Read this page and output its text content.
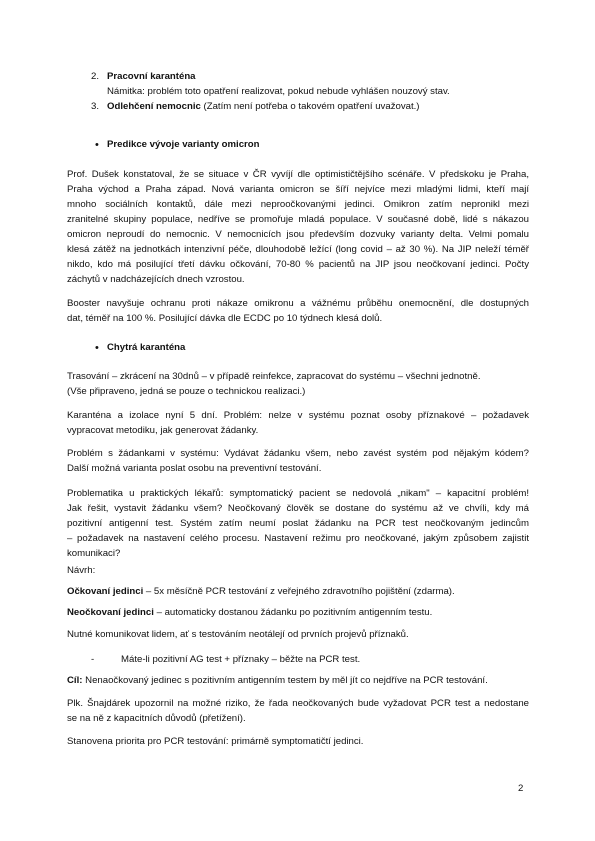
2. Pracovní karanténa
Námitka: problém toto opatření realizovat, pokud nebude vyhlášen nouzový stav.
3. Odlehčení nemocnic (Zatím není potřeba o takovém opatření uvažovat.)
• Predikce vývoje varianty omicron
Prof. Dušek konstatoval, že se situace v ČR vyvíjí dle optimističtějšího scénáře. V předskoku je Praha,
Praha východ a Praha západ. Nová varianta omicron se šíří nejvíce mezi mladými lidmi, kteří mají
mnoho sociálních kontaktů, dále mezi neproočkovanými jedinci. Omikron zatím nepronikl mezi
zranitelné skupiny populace, nedříve se promořuje mladá populace. V současné době, lidé s nákazou
omicron neproudí do nemocnic. V nemocnicích jsou především dozvuky varianty delta. Velmi pomalu
klesá zátěž na jednotkách intenzivní péče, dlouhodobě ležící (long covid – až 30 %). Na JIP neleží téměř
nikdo, kdo má posilující třetí dávku očkování, 70-80 % pacientů na JIP jsou neočkovaní jedinci. Počty
záchytů v nadcházejících dnech vzrostou.
Booster navyšuje ochranu proti nákaze omikronu a vážnému průběhu onemocnění, dle dostupných
dat, téměř na 100 %. Posilující dávka dle ECDC po 10 týdnech klesá dolů.
• Chytrá karanténa
Trasování – zkrácení na 30dnů – v případě reinfekce, zapracovat do systému – všechni jednotně.
(Vše připraveno, jedná se pouze o technickou realizaci.)
Karanténa a izolace nyní 5 dní. Problém: nelze v systému poznat osoby příznakové – požadavek
vypracovat metodiku, jak generovat žádanky.
Problém s žádankami v systému: Vydávat žádanku všem, nebo zavést systém pod nějakým kódem?
Další možná varianta poslat osobu na preventivní testování.
Problematika u praktických lékařů: symptomatický pacient se nedovolá „nikam" – kapacitní problém!
Jak řešit, vystavit žádanku všem? Neočkovaný člověk se dostane do systému až ve chvíli, kdy má
pozitivní antigenní test. Systém zatím neumí poslat žádanku na PCR test neočkovaným jedincům
– požadavek na nastavení celého procesu. Nastavení režimu pro neočkované, jakým způsobem zajistit
komunikaci?
Návrh:
Očkovaní jedinci – 5x měsíčně PCR testování z veřejného zdravotního pojištění (zdarma).
Neočkovaní jedinci – automaticky dostanou žádanku po pozitivním antigenním testu.
Nutné komunikovat lidem, ať s testováním neotálejí od prvních projevů příznaků.
-	Máte-li pozitivní AG test + příznaky – běžte na PCR test.
Cíl: Nenaočkovaný jedinec s pozitivním antigenním testem by měl jít co nejdříve na PCR testování.
Plk. Šnajdárek upozornil na možné riziko, že řada neočkovaných bude vyžadovat PCR test a nedostane
se na ně z kapacitních důvodů (přetížení).
Stanovena priorita pro PCR testování: primárně symptomatičtí jedinci.
2
